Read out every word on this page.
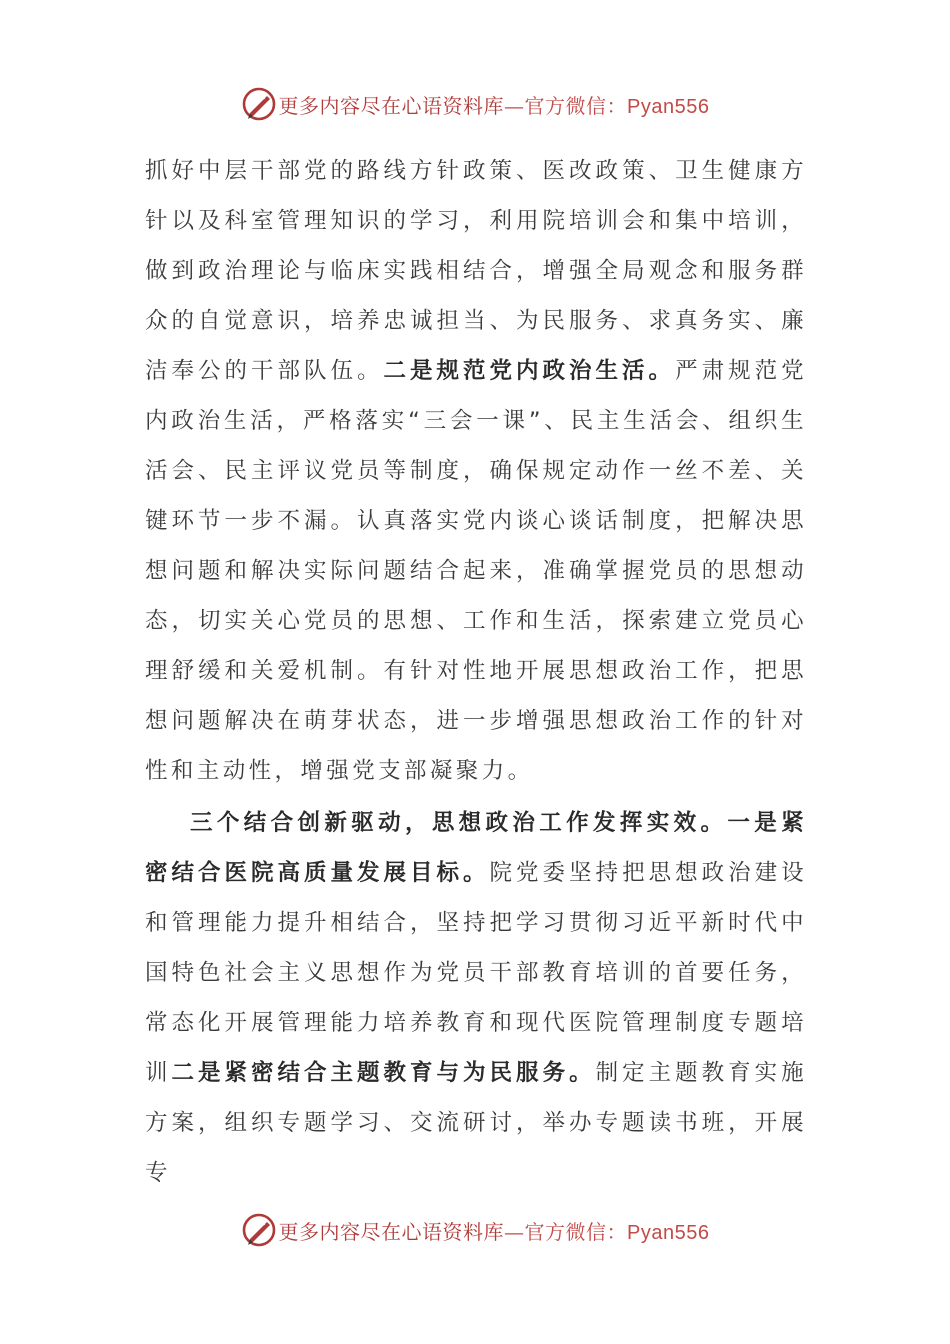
更多内容尽在心语资料库—官方微信：Pyan556

抓好中层干部党的路线方针政策、医改政策、卫生健康方针以及科室管理知识的学习，利用院培训会和集中培训，做到政治理论与临床实践相结合，增强全局观念和服务群众的自觉意识，培养忠诚担当、为民服务、求真务实、廉洁奉公的干部队伍。二是规范党内政治生活。严肃规范党内政治生活，严格落实“三会一课”、民主生活会、组织生活会、民主评议党员等制度，确保规定动作一丝不差、关键环节一步不漏。认真落实党内谈心谈话制度，把解决思想问题和解决实际问题结合起来，准确掌握党员的思想动态，切实关心党员的思想、工作和生活，探索建立党员心理舒缓和关爱机制。有针对性地开展思想政治工作，把思想问题解决在萌芽状态，进一步增强思想政治工作的针对性和主动性，增强党支部凝聚力。

三个结合创新驱动，思想政治工作发挥实效。一是紧密结合医院高质量发展目标。院党委坚持把思想政治建设和管理能力提升相结合，坚持把学习贯彻习近平新时代中国特色社会主义思想作为党员干部教育培训的首要任务，常态化开展管理能力培养教育和现代医院管理制度专题培训二是紧密结合主题教育与为民服务。制定主题教育实施方案，组织专题学习、交流研讨，举办专题读书班，开展专

更多内容尽在心语资料库—官方微信：Pyan556
